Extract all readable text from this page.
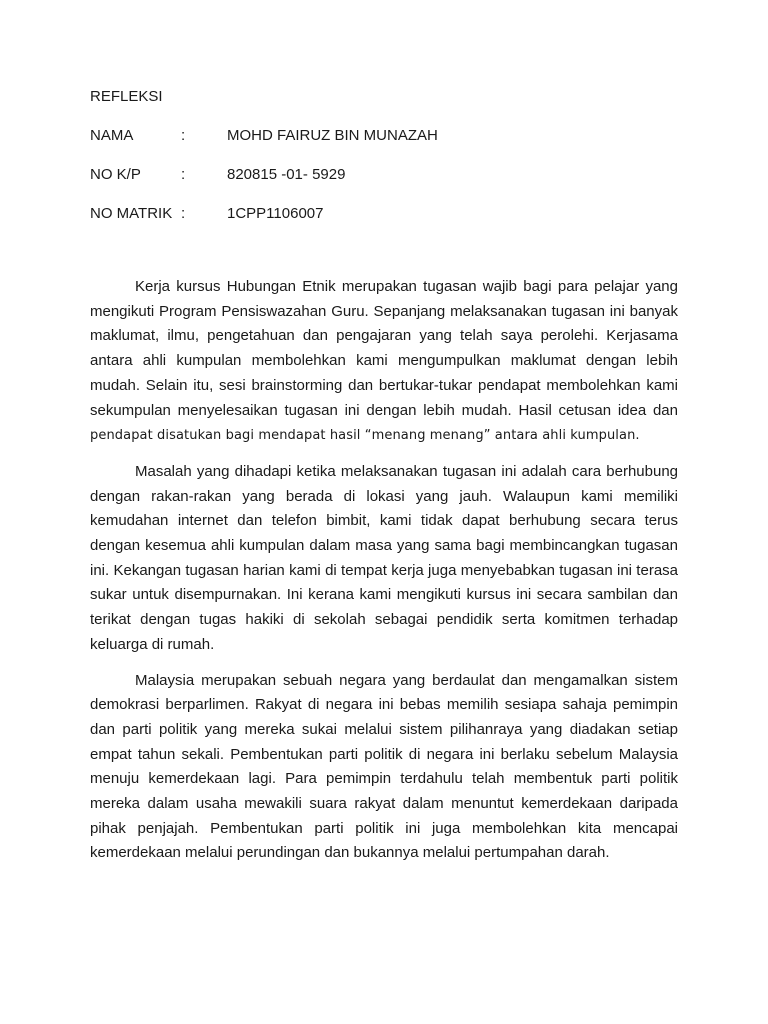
REFLEKSI
NAMA	:	MOHD FAIRUZ BIN MUNAZAH
NO K/P	:	820815 -01- 5929
NO MATRIK :	1CPP1106007

Kerja kursus Hubungan Etnik merupakan tugasan wajib bagi para pelajar yang mengikuti Program Pensiswazahan Guru. Sepanjang melaksanakan tugasan ini banyak maklumat, ilmu, pengetahuan dan pengajaran yang telah saya perolehi. Kerjasama antara ahli kumpulan membolehkan kami mengumpulkan maklumat dengan lebih mudah. Selain itu, sesi brainstorming dan bertukar-tukar pendapat membolehkan kami sekumpulan menyelesaikan tugasan ini dengan lebih mudah. Hasil cetusan idea dan pendapat disatukan bagi mendapat hasil “menang menang” antara ahli kumpulan.

Masalah yang dihadapi ketika melaksanakan tugasan ini adalah cara berhubung dengan rakan-rakan yang berada di lokasi yang jauh. Walaupun kami memiliki kemudahan internet dan telefon bimbit, kami tidak dapat berhubung secara terus dengan kesemua ahli kumpulan dalam masa yang sama bagi membincangkan tugasan ini. Kekangan tugasan harian kami di tempat kerja juga menyebabkan tugasan ini terasa sukar untuk disempurnakan. Ini kerana kami mengikuti kursus ini secara sambilan dan terikat dengan tugas hakiki di sekolah sebagai pendidik serta komitmen terhadap keluarga di rumah.

Malaysia merupakan sebuah negara yang berdaulat dan mengamalkan sistem demokrasi berparlimen. Rakyat di negara ini bebas memilih sesiapa sahaja pemimpin dan parti politik yang mereka sukai melalui sistem pilihanraya yang diadakan setiap empat tahun sekali. Pembentukan parti politik di negara ini berlaku sebelum Malaysia menuju kemerdekaan lagi. Para pemimpin terdahulu telah membentuk parti politik mereka dalam usaha mewakili suara rakyat dalam menuntut kemerdekaan daripada pihak penjajah. Pembentukan parti politik ini juga membolehkan kita mencapai kemerdekaan melalui perundingan dan bukannya melalui pertumpahan darah.
